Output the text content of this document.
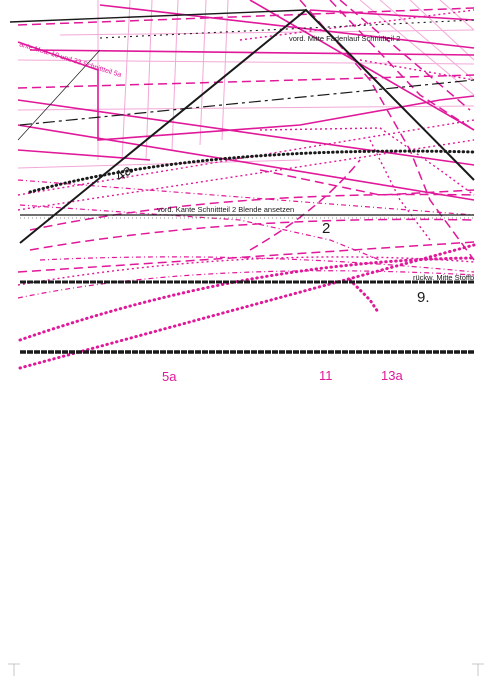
vord. Mitte Fadenlauf Schnittteil 2
ante Mod. 10 und 33 Schnittteil 5a
vord. Kante Schnittteil 2 Blende ansetzen
rückw. Mitte Stoffb
4a
2
9.
5a	11	13a
